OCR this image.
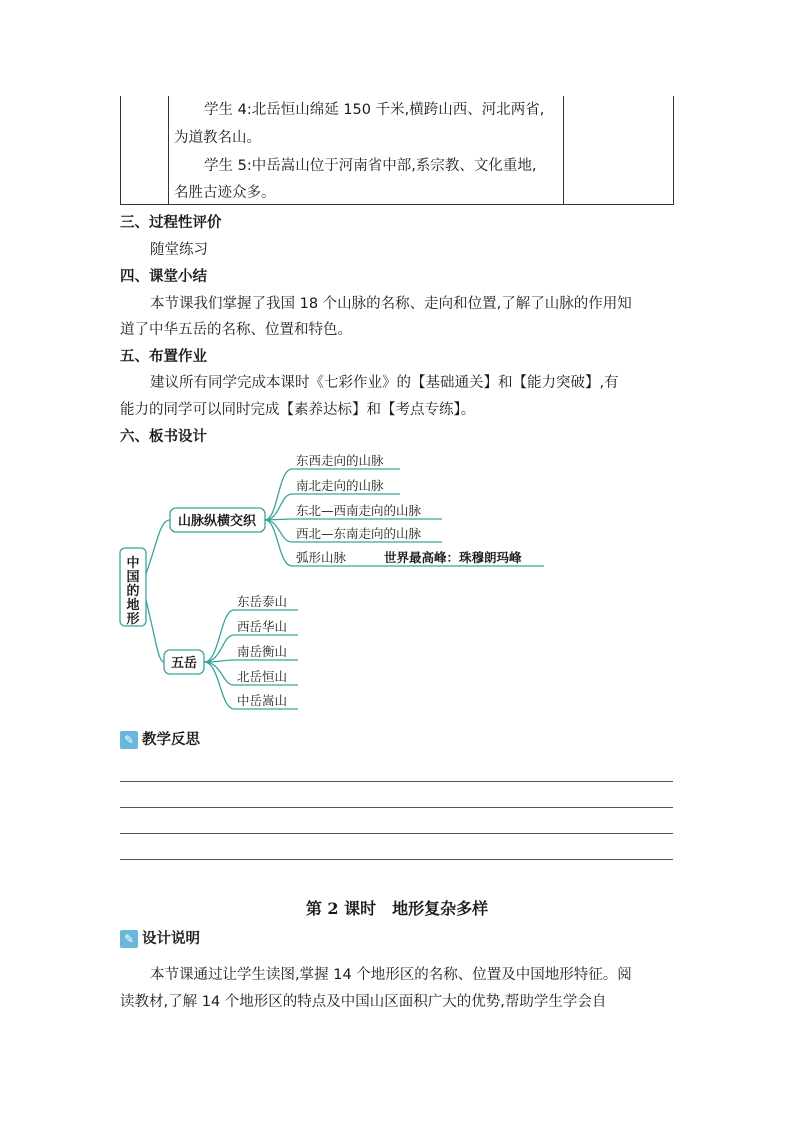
学生 4:北岳恒山绵延 150 千米,横跨山西、河北两省,
为道教名山。
学生 5:中岳嵩山位于河南省中部,系宗教、文化重地,
名胜古迹众多。
三、过程性评价
随堂练习
四、课堂小结
本节课我们掌握了我国 18 个山脉的名称、走向和位置,了解了山脉的作用知
道了中华五岳的名称、位置和特色。
五、布置作业
建议所有同学完成本课时《七彩作业》的【基础通关】和【能力突破】,有
能力的同学可以同时完成【素养达标】和【考点专练】。
六、板书设计
中
国
的
地
形
山脉纵横交织
五岳
东西走向的山脉
南北走向的山脉
东北—西南走向的山脉
西北—东南走向的山脉
弧形山脉	世界最高峰：珠穆朗玛峰
东岳泰山
西岳华山
南岳衡山
北岳恒山
中岳嵩山
✎ 教学反思
第 2 课时　地形复杂多样
✎ 设计说明
本节课通过让学生读图,掌握 14 个地形区的名称、位置及中国地形特征。阅
读教材,了解 14 个地形区的特点及中国山区面积广大的优势,帮助学生学会自
